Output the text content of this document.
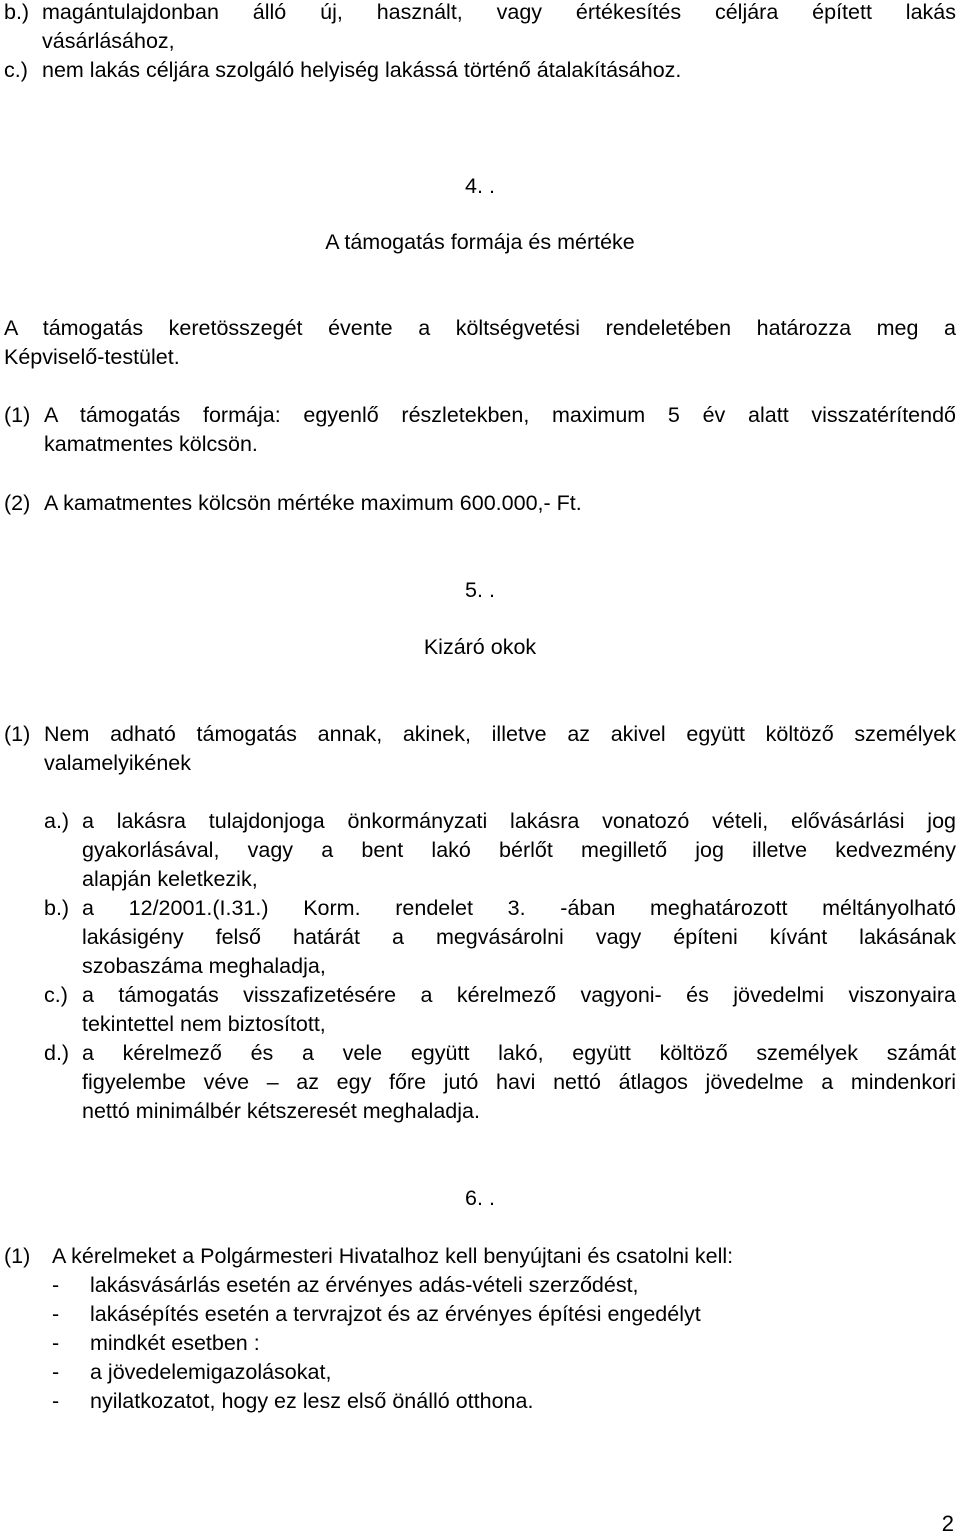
b.) magántulajdonban álló új, használt, vagy értékesítés céljára épített lakás
vásárlásához,
c.) nem lakás céljára szolgáló helyiség lakássá történő átalakításához.
4. .
A támogatás formája és mértéke
A támogatás keretösszegét évente a költségvetési rendeletében határozza meg a
Képviselő-testület.
(1) A támogatás formája: egyenlő részletekben, maximum 5 év alatt visszatérítendő
kamatmentes kölcsön.
(2) A kamatmentes kölcsön mértéke maximum 600.000,- Ft.
5. .
Kizáró okok
(1) Nem adható támogatás annak, akinek, illetve az akivel együtt költöző személyek
valamelyikének
a.) a lakásra tulajdonjoga önkormányzati lakásra vonatozó vételi, elővásárlási jog
gyakorlásával, vagy a bent lakó bérlőt megillető jog illetve kedvezmény
alapján keletkezik,
b.) a 12/2001.(I.31.) Korm. rendelet 3. -ában meghatározott méltányolható
lakásigény felső határát a megvásárolni vagy építeni kívánt lakásának
szobaszáma meghaladja,
c.) a támogatás visszafizetésére a kérelmező vagyoni- és jövedelmi viszonyaira
tekintettel nem biztosított,
d.) a kérelmező és a vele együtt lakó, együtt költöző személyek számát
figyelembe véve – az egy főre jutó havi nettó átlagos jövedelme a mindenkori
nettó minimálbér kétszeresét meghaladja.
6. .
(1) A kérelmeket a Polgármesteri Hivatalhoz kell benyújtani és csatolni kell:
- lakásvásárlás esetén az érvényes adás-vételi szerződést,
- lakásépítés esetén a tervrajzot és az érvényes építési engedélyt
- mindkét esetben :
- a jövedelemigazolásokat,
- nyilatkozatot, hogy ez lesz első önálló otthona.
2
